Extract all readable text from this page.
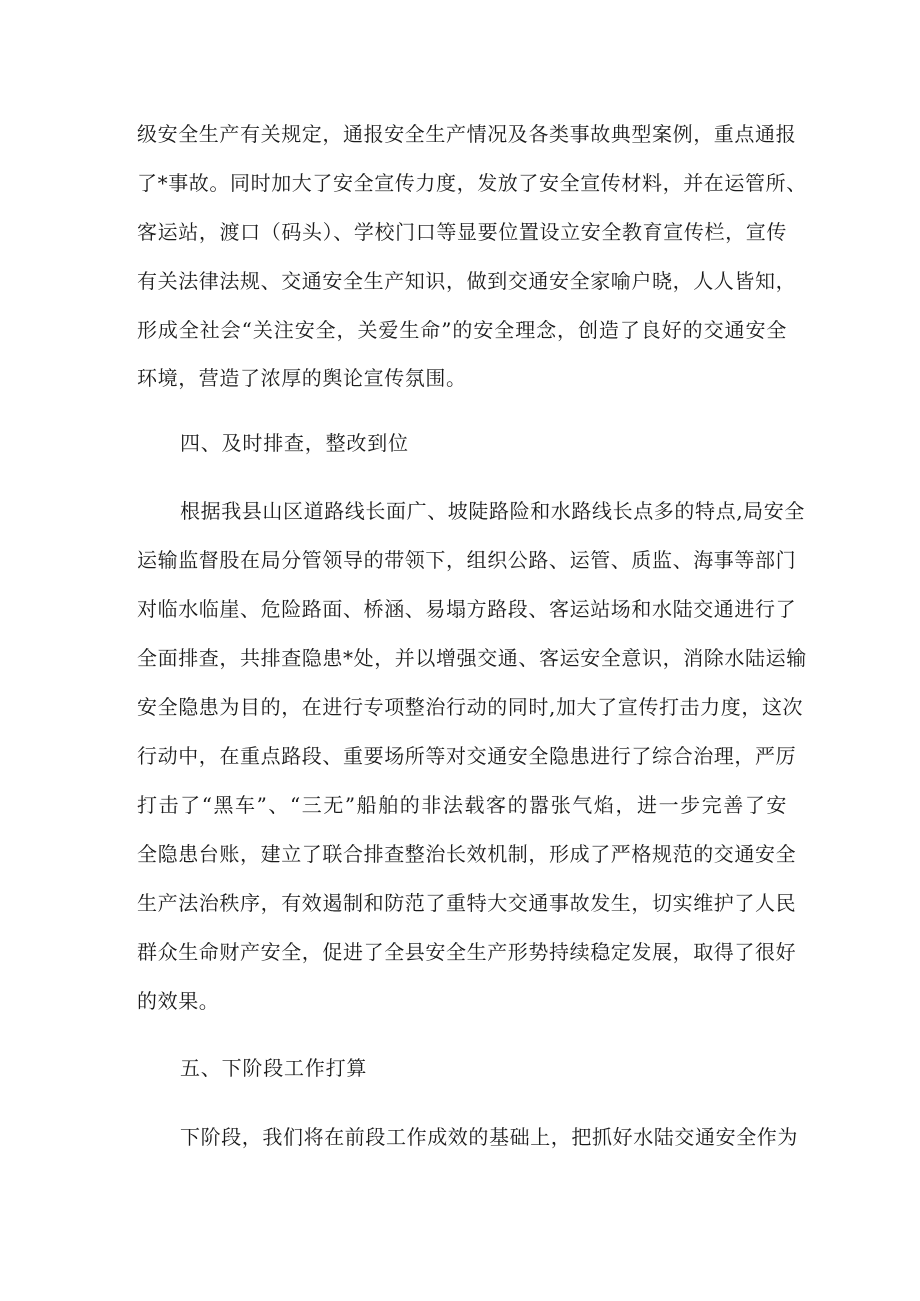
级安全生产有关规定，通报安全生产情况及各类事故典型案例，重点通报
了*事故。同时加大了安全宣传力度，发放了安全宣传材料，并在运管所、
客运站，渡口（码头）、学校门口等显要位置设立安全教育宣传栏，宣传
有关法律法规、交通安全生产知识，做到交通安全家喻户晓，人人皆知，
形成全社会“关注安全，关爱生命”的安全理念，创造了良好的交通安全
环境，营造了浓厚的舆论宣传氛围。
四、及时排查，整改到位
根据我县山区道路线长面广、坡陡路险和水路线长点多的特点,局安全
运输监督股在局分管领导的带领下，组织公路、运管、质监、海事等部门
对临水临崖、危险路面、桥涵、易塌方路段、客运站场和水陆交通进行了
全面排查，共排查隐患*处，并以增强交通、客运安全意识，消除水陆运输
安全隐患为目的，在进行专项整治行动的同时,加大了宣传打击力度，这次
行动中，在重点路段、重要场所等对交通安全隐患进行了综合治理，严厉
打击了“黑车”、“三无”船舶的非法载客的嚣张气焰，进一步完善了安
全隐患台账，建立了联合排查整治长效机制，形成了严格规范的交通安全
生产法治秩序，有效遏制和防范了重特大交通事故发生，切实维护了人民
群众生命财产安全，促进了全县安全生产形势持续稳定发展，取得了很好
的效果。
五、下阶段工作打算
下阶段，我们将在前段工作成效的基础上，把抓好水陆交通安全作为
